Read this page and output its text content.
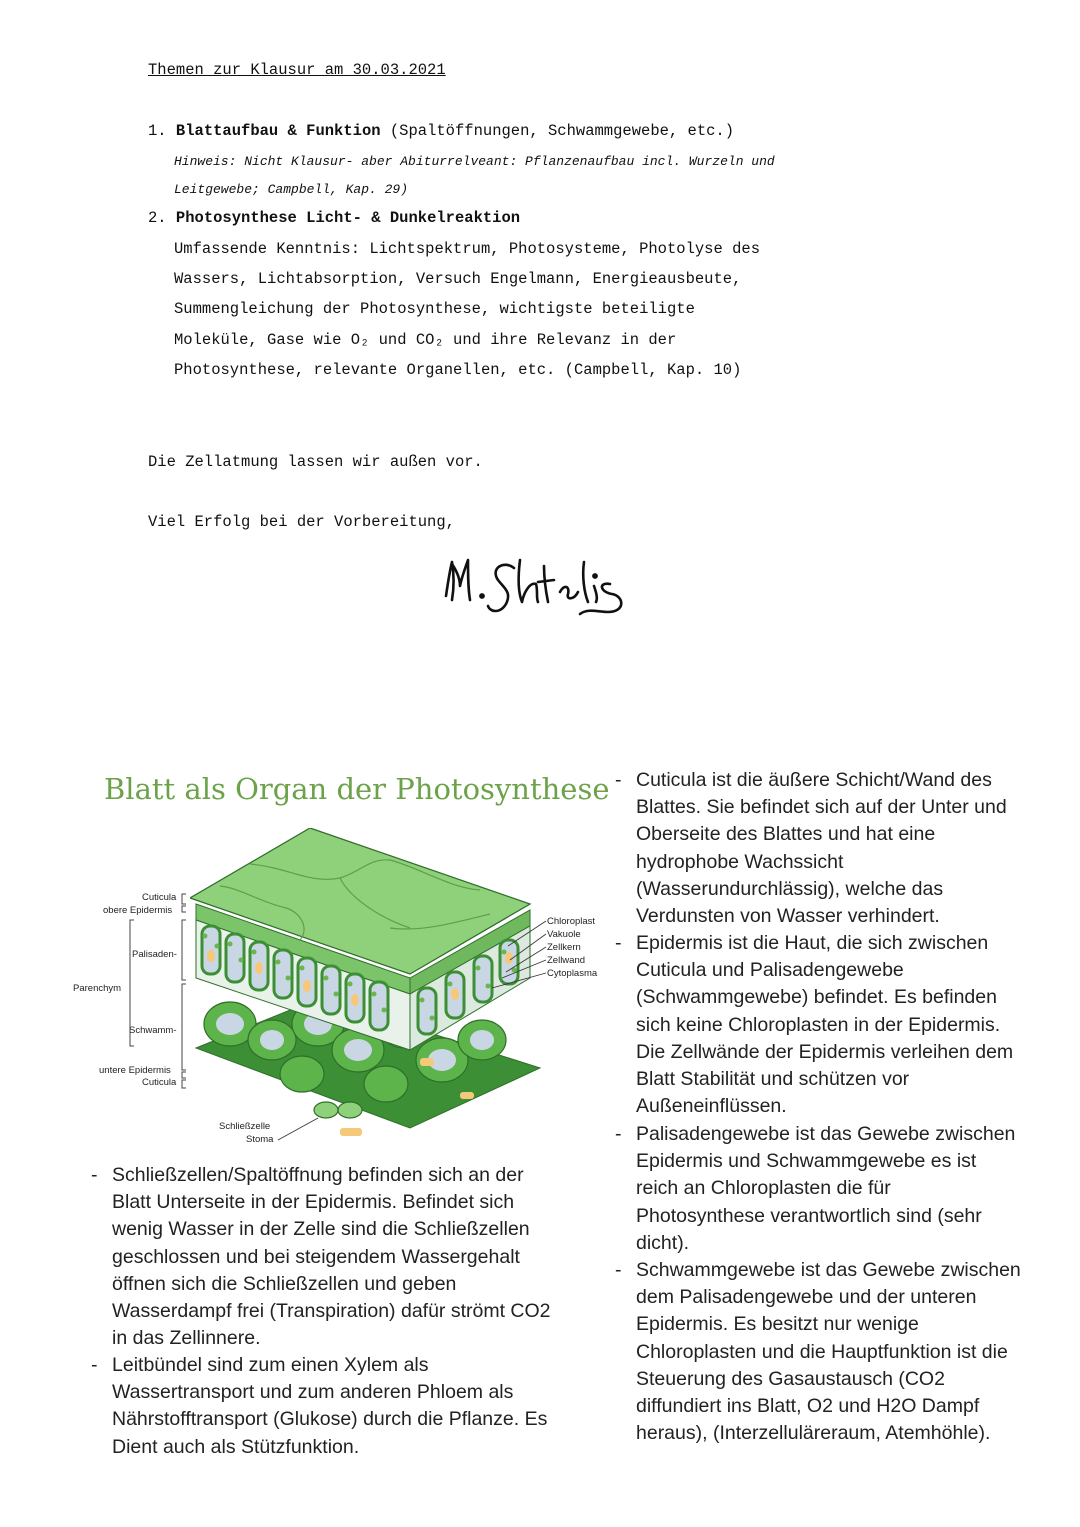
Themen zur Klausur am 30.03.2021
1. Blattaufbau & Funktion (Spaltöffnungen, Schwammgewebe, etc.)
Hinweis: Nicht Klausur- aber Abiturrelveant: Pflanzenaufbau incl. Wurzeln und
Leitgewebe; Campbell, Kap. 29)
2. Photosynthese Licht- & Dunkelreaktion
Umfassende Kenntnis: Lichtspektrum, Photosysteme, Photolyse des
Wassers, Lichtabsorption, Versuch Engelmann, Energieausbeute,
Summengleichung der Photosynthese, wichtigste beteiligte
Moleküle, Gase wie O₂ und CO₂ und ihre Relevanz in der
Photosynthese, relevante Organellen, etc. (Campbell, Kap. 10)
Die Zellatmung lassen wir außen vor.
Viel Erfolg bei der Vorbereitung,
Blatt als Organ der Photosynthese
Cuticula
obere Epidermis
Palisaden-
Parenchym
Schwamm-
untere Epidermis
Cuticula
Chloroplast
Vakuole
Zellkern
Zellwand
Cytoplasma
Schließzelle
Stoma
- Schließzellen/Spaltöffnung befinden sich an der
Blatt Unterseite in der Epidermis. Befindet sich
wenig Wasser in der Zelle sind die Schließzellen
geschlossen und bei steigendem Wassergehalt
öffnen sich die Schließzellen und geben
Wasserdampf frei (Transpiration) dafür strömt CO2
in das Zellinnere.
- Leitbündel sind zum einen Xylem als
Wassertransport und zum anderen Phloem als
Nährstofftransport (Glukose) durch die Pflanze. Es
Dient auch als Stützfunktion.
- Cuticula ist die äußere Schicht/Wand des
Blattes. Sie befindet sich auf der Unter und
Oberseite des Blattes und hat eine
hydrophobe Wachssicht
(Wasserundurchlässig), welche das
Verdunsten von Wasser verhindert.
- Epidermis ist die Haut, die sich zwischen
Cuticula und Palisadengewebe
(Schwammgewebe) befindet. Es befinden
sich keine Chloroplasten in der Epidermis.
Die Zellwände der Epidermis verleihen dem
Blatt Stabilität und schützen vor
Außeneinflüssen.
- Palisadengewebe ist das Gewebe zwischen
Epidermis und Schwammgewebe es ist
reich an Chloroplasten die für
Photosynthese verantwortlich sind (sehr
dicht).
- Schwammgewebe ist das Gewebe zwischen
dem Palisadengewebe und der unteren
Epidermis. Es besitzt nur wenige
Chloroplasten und die Hauptfunktion ist die
Steuerung des Gasaustausch (CO2
diffundiert ins Blatt, O2 und H2O Dampf
heraus), (Interzelluläreraum, Atemhöhle).
